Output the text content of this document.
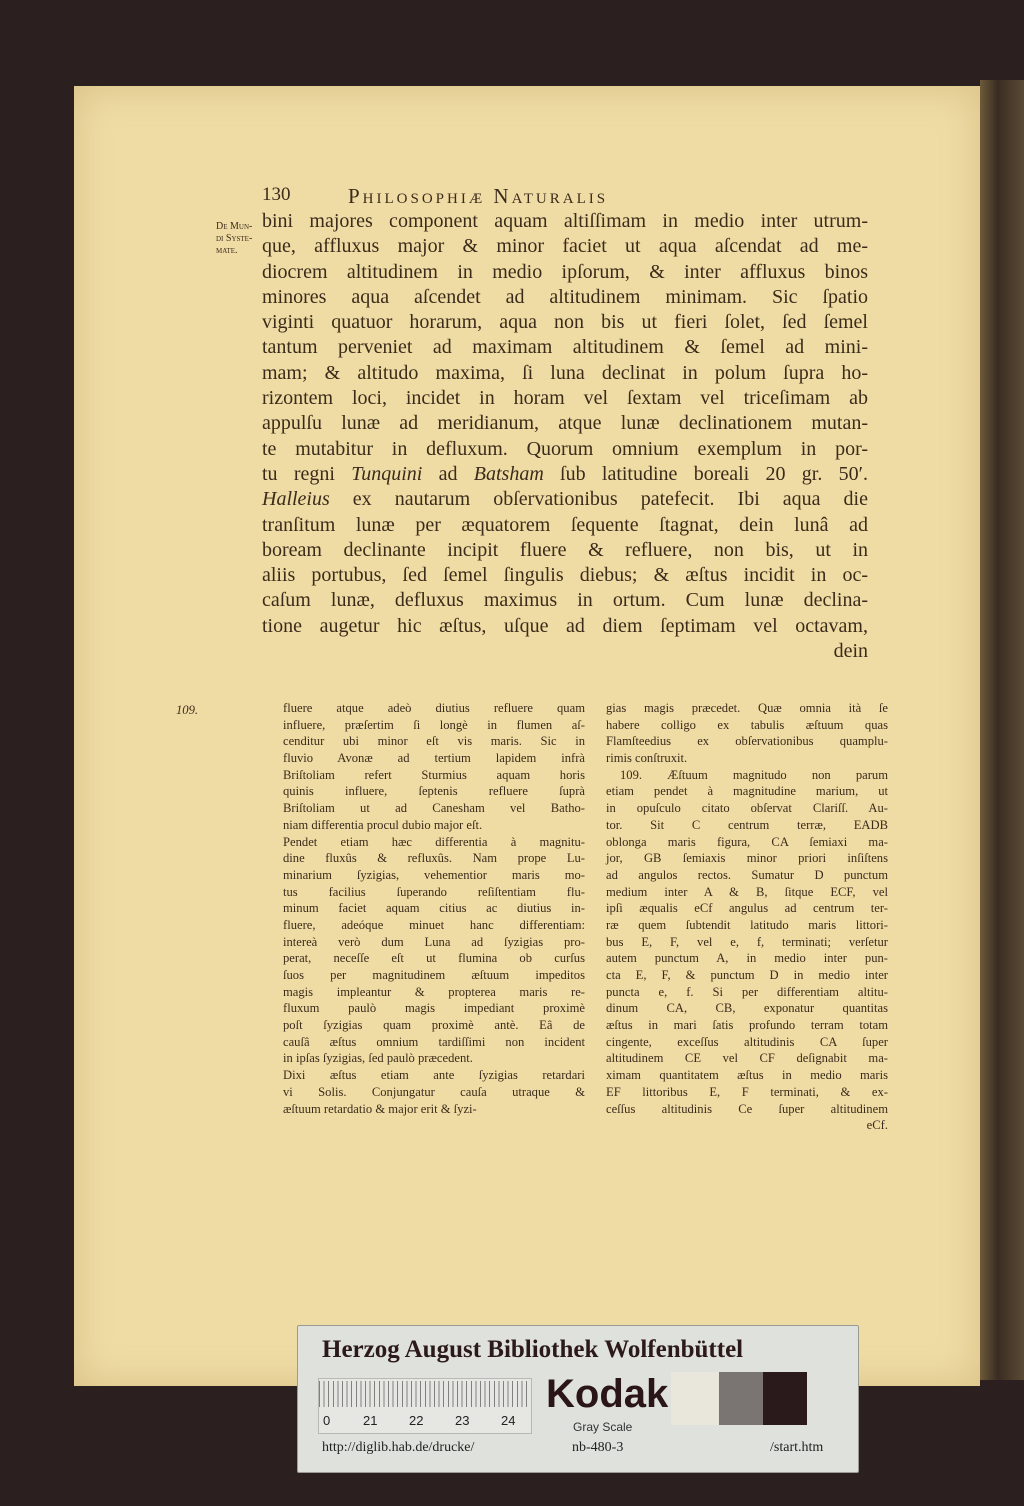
130	Philosophiæ Naturalis
De Mun-
di Syste-
mate.
bini majores component aquam altiſſimam in medio inter utrum-
que, affluxus major & minor faciet ut aqua aſcendat ad me-
diocrem altitudinem in medio ipſorum, & inter affluxus binos
minores aqua aſcendet ad altitudinem minimam. Sic ſpatio
viginti quatuor horarum, aqua non bis ut fieri ſolet, ſed ſemel
tantum perveniet ad maximam altitudinem & ſemel ad mini-
mam; & altitudo maxima, ſi luna declinat in polum ſupra ho-
rizontem loci, incidet in horam vel ſextam vel triceſimam ab
appulſu lunæ ad meridianum, atque lunæ declinationem mutan-
te mutabitur in defluxum. Quorum omnium exemplum in por-
tu regni Tunquini ad Batsham ſub latitudine boreali 20 gr. 50′.
Halleius ex nautarum obſervationibus patefecit. Ibi aqua die
tranſitum lunæ per æquatorem ſequente ſtagnat, dein lunâ ad
boream declinante incipit fluere & refluere, non bis, ut in
aliis portubus, ſed ſemel ſingulis diebus; & æſtus incidit in oc-
caſum lunæ, defluxus maximus in ortum. Cum lunæ declina-
tione augetur hic æſtus, uſque ad diem ſeptimam vel octavam,
dein
109.	fluere atque adeò diutius refluere quam
influere, præſertim ſi longè in flumen aſ-
cenditur ubi minor eſt vis maris. Sic in
fluvio Avonæ ad tertium lapidem infrà
Briſtoliam refert Sturmius aquam horis
quinis influere, ſeptenis refluere ſuprà
Briſtoliam ut ad Canesham vel Batho-
niam differentia procul dubio major eſt.
Pendet etiam hæc differentia à magnitu-
dine fluxûs & refluxûs. Nam prope Lu-
minarium ſyzigias, vehementior maris mo-
tus facilius ſuperando reſiſtentiam flu-
minum faciet aquam citius ac diutius in-
fluere, adeóque minuet hanc differentiam:
intereà verò dum Luna ad ſyzigias pro-
perat, neceſſe eſt ut flumina ob curſus
ſuos per magnitudinem æſtuum impeditos
magis impleantur & propterea maris re-
fluxum paulò magis impediant proximè
poſt ſyzigias quam proximè antè. Eâ de
cauſâ æſtus omnium tardiſſimi non incident
in ipſas ſyzigias, ſed paulò præcedent.
Dixi æſtus etiam ante ſyzigias retardari
vi Solis. Conjungatur cauſa utraque &
æſtuum retardatio & major erit & ſyzi-
gias magis præcedet. Quæ omnia ità ſe
habere colligo ex tabulis æſtuum quas
Flamſteedius ex obſervationibus quamplu-
rimis conſtruxit.
109. Æſtuum magnitudo non parum
etiam pendet à magnitudine marium, ut
in opuſculo citato obſervat Clariſſ. Au-
tor. Sit C centrum terræ, EADB
oblonga maris figura, CA ſemiaxi ma-
jor, GB ſemiaxis minor priori inſiſtens
ad angulos rectos. Sumatur D punctum
medium inter A & B, ſitque ECF, vel
ipſi æqualis eCf angulus ad centrum ter-
ræ quem ſubtendit latitudo maris littori-
bus E, F, vel e, f, terminati; verſetur
autem punctum A, in medio inter pun-
cta E, F, & punctum D in medio inter
puncta e, f. Si per differentiam altitu-
dinum CA, CB, exponatur quantitas
æſtus in mari ſatis profundo terram totam
cingente, exceſſus altitudinis CA ſuper
altitudinem CE vel CF deſignabit ma-
ximam quantitatem æſtus in medio maris
EF littoribus E, F terminati, & ex-
ceſſus altitudinis Ce ſuper altitudinem
eCf.
Herzog August Bibliothek Wolfenbüttel
0	21 22 23 24
Kodak
Gray Scale
http://diglib.hab.de/drucke/	nb-480-3	/start.htm
